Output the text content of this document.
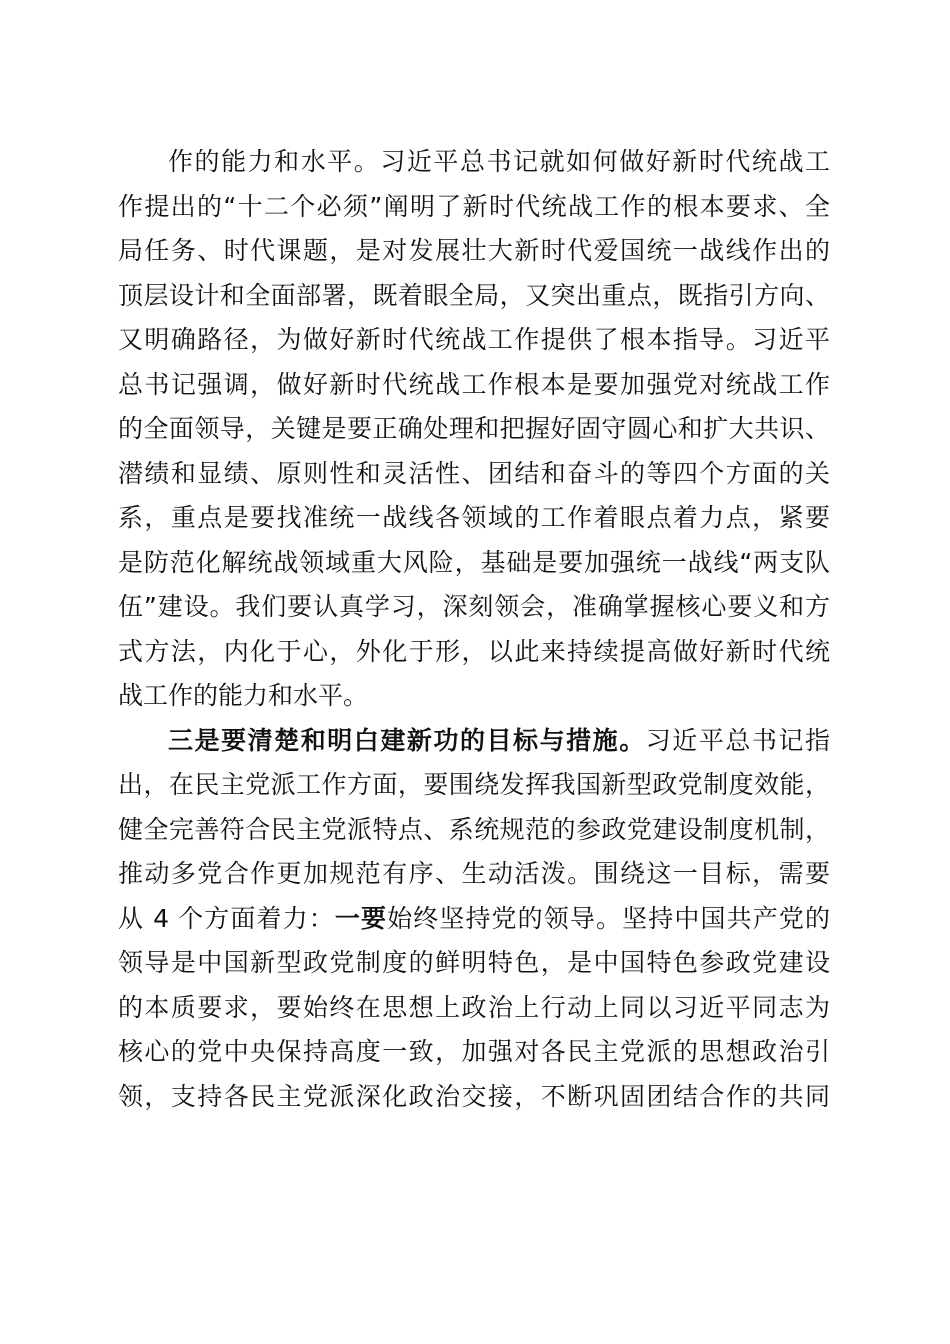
作的能力和水平。习近平总书记就如何做好新时代统战工
作提出的“十二个必须”阐明了新时代统战工作的根本要求、全
局任务、时代课题，是对发展壮大新时代爱国统一战线作出的
顶层设计和全面部署，既着眼全局，又突出重点，既指引方向、
又明确路径，为做好新时代统战工作提供了根本指导。习近平
总书记强调，做好新时代统战工作根本是要加强党对统战工作
的全面领导，关键是要正确处理和把握好固守圆心和扩大共识、
潜绩和显绩、原则性和灵活性、团结和奋斗的等四个方面的关
系，重点是要找准统一战线各领域的工作着眼点着力点，紧要
是防范化解统战领域重大风险，基础是要加强统一战线“两支队
伍”建设。我们要认真学习，深刻领会，准确掌握核心要义和方
式方法，内化于心，外化于形，以此来持续提高做好新时代统
战工作的能力和水平。
三是要清楚和明白建新功的目标与措施。习近平总书记指
出，在民主党派工作方面，要围绕发挥我国新型政党制度效能，
健全完善符合民主党派特点、系统规范的参政党建设制度机制，
推动多党合作更加规范有序、生动活泼。围绕这一目标，需要
从 4 个方面着力：一要始终坚持党的领导。坚持中国共产党的
领导是中国新型政党制度的鲜明特色，是中国特色参政党建设
的本质要求，要始终在思想上政治上行动上同以习近平同志为
核心的党中央保持高度一致，加强对各民主党派的思想政治引
领，支持各民主党派深化政治交接，不断巩固团结合作的共同
